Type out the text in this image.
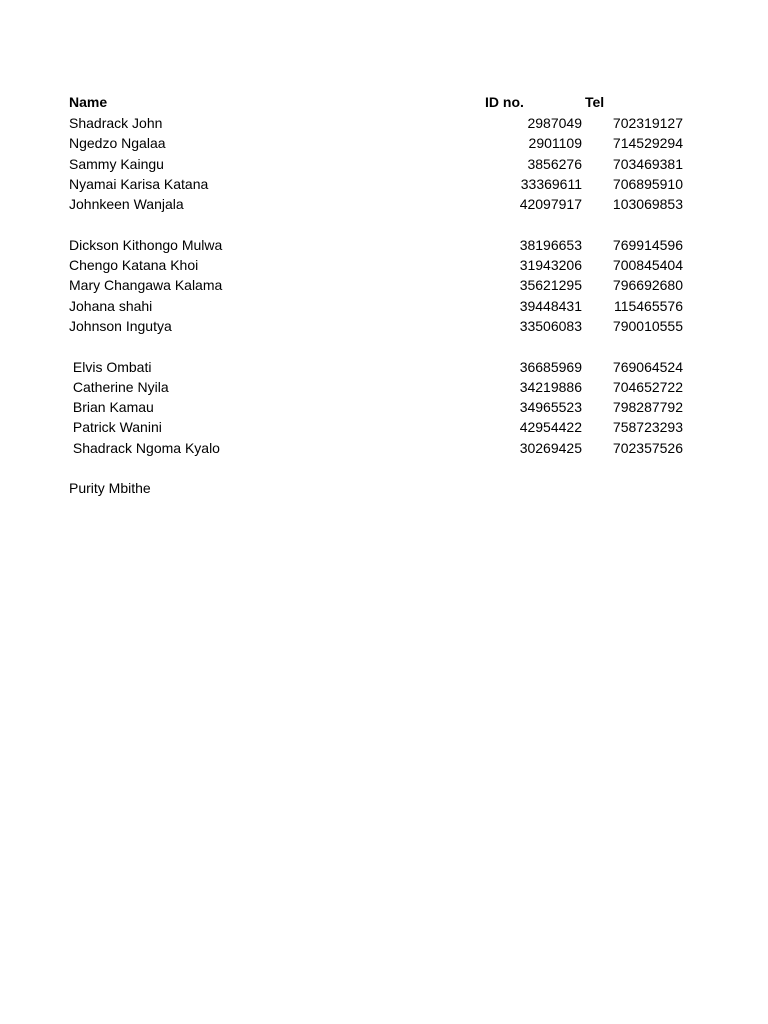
Name	ID no.	Tel
Shadrack John	2987049 702319127
Ngedzo Ngalaa	2901109 714529294
Sammy Kaingu	3856276 703469381
Nyamai Karisa Katana	33369611 706895910
Johnkeen Wanjala	42097917 103069853
Dickson Kithongo Mulwa	38196653 769914596
Chengo Katana Khoi	31943206 700845404
Mary Changawa Kalama	35621295 796692680
Johana shahi	39448431 115465576
Johnson Ingutya	33506083 790010555
Elvis Ombati	36685969 769064524
Catherine Nyila	34219886 704652722
Brian Kamau	34965523 798287792
Patrick Wanini	42954422 758723293
Shadrack Ngoma Kyalo	30269425 702357526
Purity Mbithe
